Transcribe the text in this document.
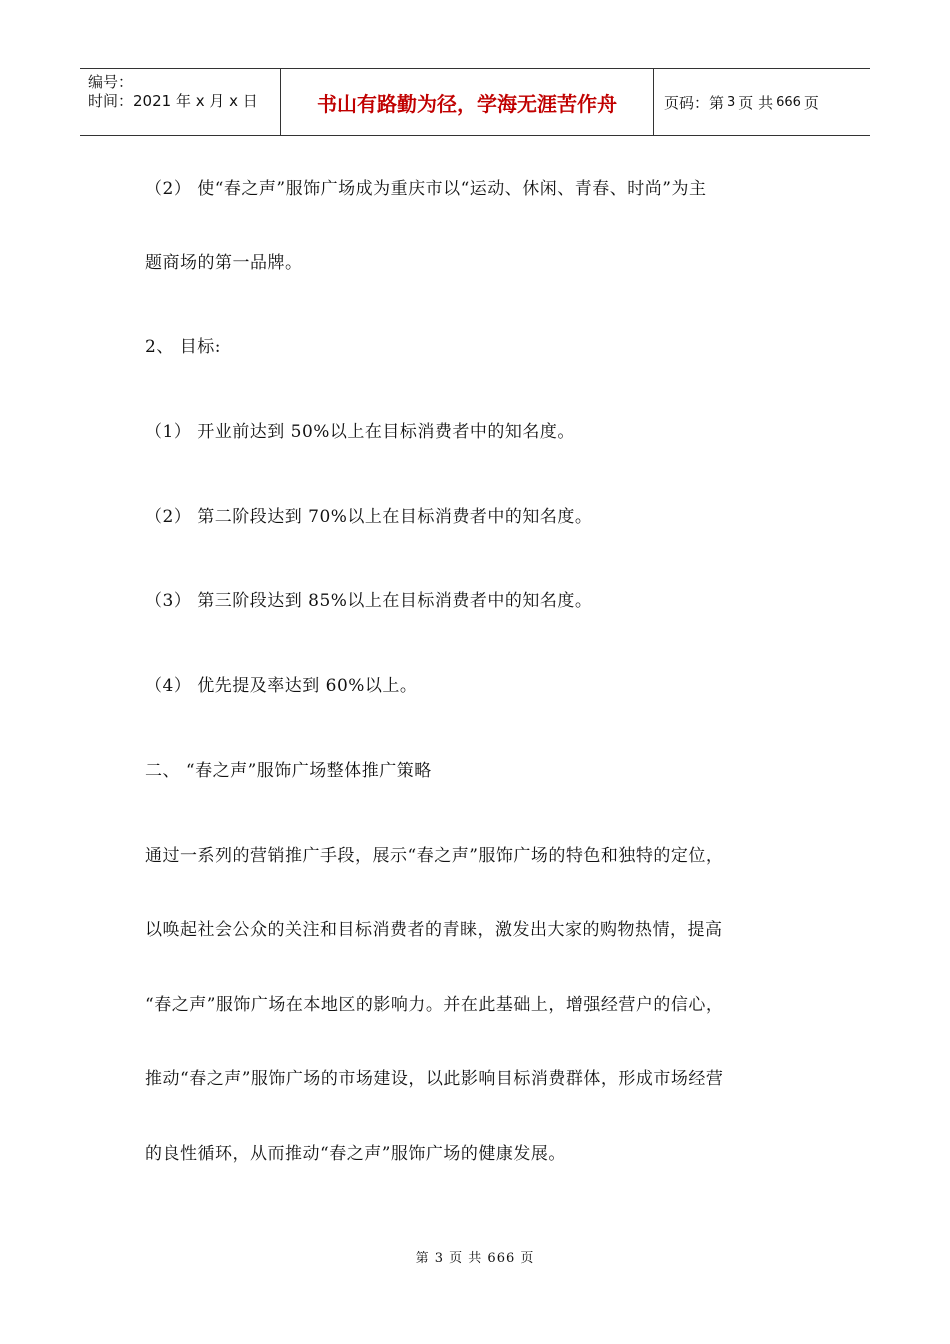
编号：
时间：2021 年 x 月 x 日	书山有路勤为径，学海无涯苦作舟	页码：第 3 页 共 666 页
（2） 使“春之声”服饰广场成为重庆市以“运动、休闲、青春、时尚”为主
题商场的第一品牌。
2、 目标:
（1） 开业前达到 50%以上在目标消费者中的知名度。
（2） 第二阶段达到 70%以上在目标消费者中的知名度。
（3） 第三阶段达到 85%以上在目标消费者中的知名度。
（4） 优先提及率达到 60%以上。
二、 “春之声”服饰广场整体推广策略
通过一系列的营销推广手段，展示“春之声”服饰广场的特色和独特的定位，
以唤起社会公众的关注和目标消费者的青睐，激发出大家的购物热情，提高
“春之声”服饰广场在本地区的影响力。并在此基础上，增强经营户的信心，
推动“春之声”服饰广场的市场建设，以此影响目标消费群体，形成市场经营
的良性循环，从而推动“春之声”服饰广场的健康发展。
第 3 页 共 666 页
